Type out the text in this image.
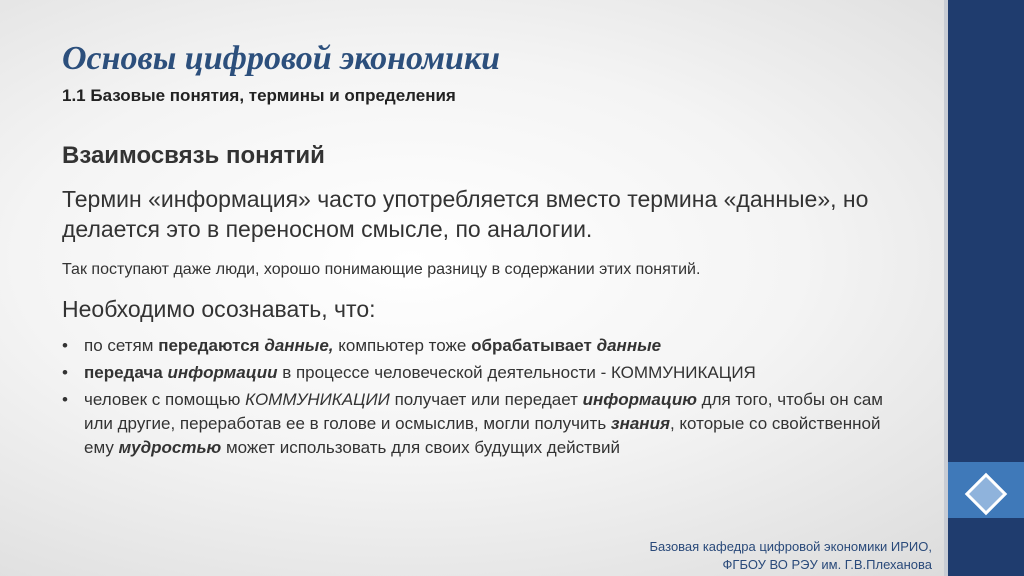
Основы цифровой экономики
1.1 Базовые понятия, термины и определения
Взаимосвязь понятий
Термин «информация» часто употребляется вместо термина «данные», но делается это в переносном смысле, по аналогии.
Так поступают даже люди, хорошо понимающие разницу в содержании этих понятий.
Необходимо осознавать, что:
• по сетям передаются данные, компьютер тоже обрабатывает данные
• передача информации в процессе человеческой деятельности - КОММУНИКАЦИЯ
• человек с помощью КОММУНИКАЦИИ получает или передает информацию для того, чтобы он сам или другие, переработав ее в голове и осмыслив, могли получить знания, которые со свойственной ему мудростью может использовать для своих будущих действий
Базовая кафедра цифровой экономики ИРИО,
ФГБОУ ВО РЭУ им. Г.В.Плеханова
